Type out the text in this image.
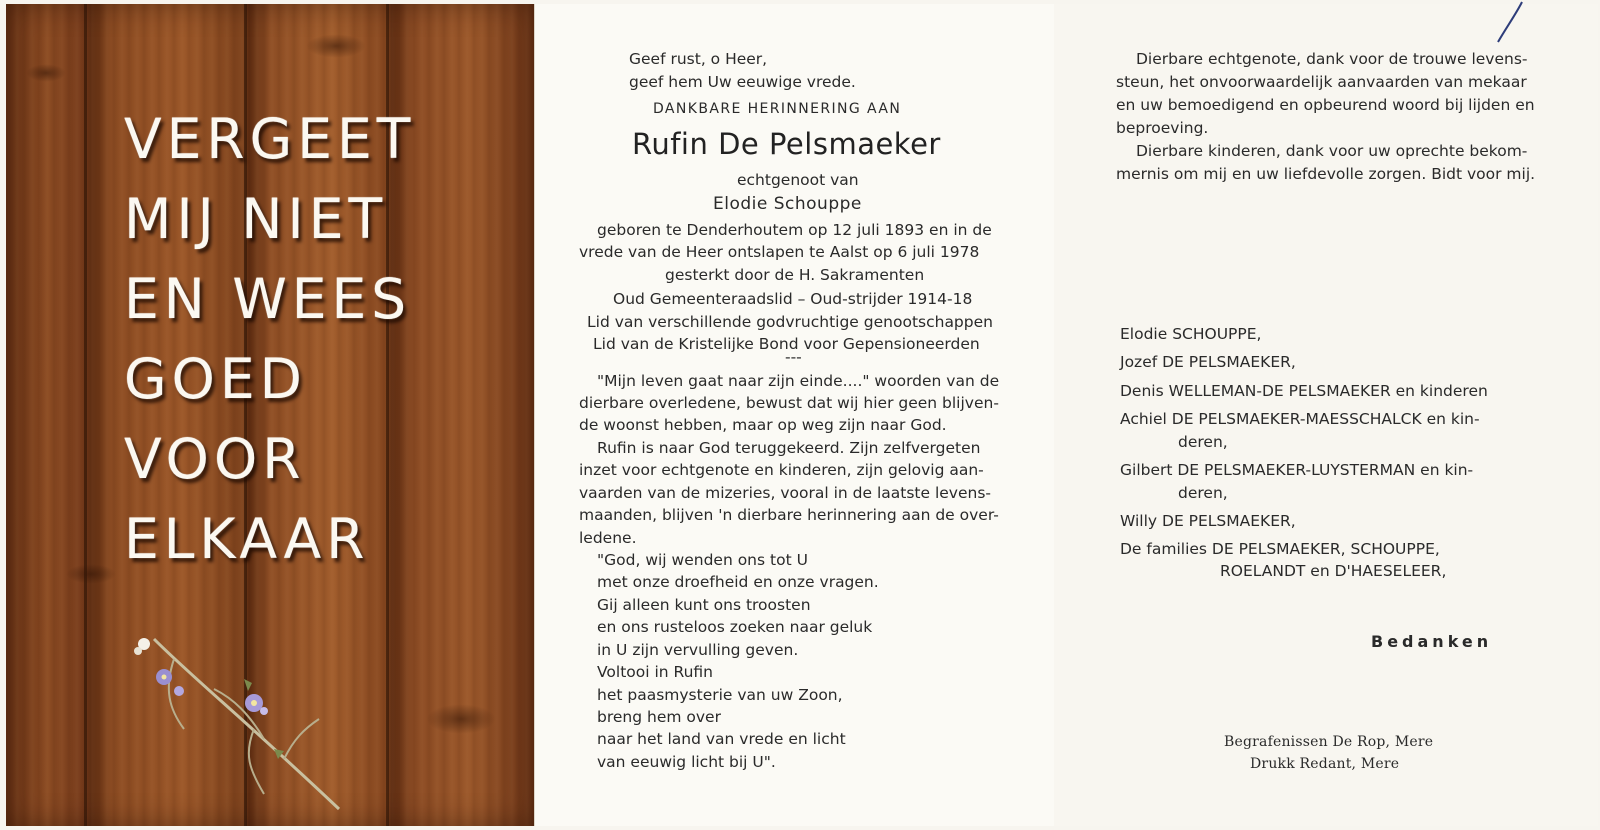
VERGEET
MIJ NIET
EN WEES
GOED
VOOR
ELKAAR
Geef rust, o Heer,
geef hem Uw eeuwige vrede.
DANKBARE HERINNERING AAN
Rufin De Pelsmaeker
echtgenoot van
Elodie Schouppe
geboren te Denderhoutem op 12 juli 1893 en in de
vrede van de Heer ontslapen te Aalst op 6 juli 1978
gesterkt door de H. Sakramenten
Oud Gemeenteraadslid – Oud-strijder 1914-18
Lid van verschillende godvruchtige genootschappen
Lid van de Kristelijke Bond voor Gepensioneerden
---
"Mijn leven gaat naar zijn einde...." woorden van de
dierbare overledene, bewust dat wij hier geen blijven-
de woonst hebben, maar op weg zijn naar God.
Rufin is naar God teruggekeerd. Zijn zelfvergeten
inzet voor echtgenote en kinderen, zijn gelovig aan-
vaarden van de mizeries, vooral in de laatste levens-
maanden, blijven 'n dierbare herinnering aan de over-
ledene.
"God, wij wenden ons tot U
met onze droefheid en onze vragen.
Gij alleen kunt ons troosten
en ons rusteloos zoeken naar geluk
in U zijn vervulling geven.
Voltooi in Rufin
het paasmysterie van uw Zoon,
breng hem over
naar het land van vrede en licht
van eeuwig licht bij U".
Dierbare echtgenote, dank voor de trouwe levens-
steun, het onvoorwaardelijk aanvaarden van mekaar
en uw bemoedigend en opbeurend woord bij lijden en
beproeving.
Dierbare kinderen, dank voor uw oprechte bekom-
mernis om mij en uw liefdevolle zorgen. Bidt voor mij.
Elodie SCHOUPPE,
Jozef DE PELSMAEKER,
Denis WELLEMAN-DE PELSMAEKER en kinderen
Achiel DE PELSMAEKER-MAESSCHALCK en kin-
deren,
Gilbert DE PELSMAEKER-LUYSTERMAN en kin-
deren,
Willy DE PELSMAEKER,
De families DE PELSMAEKER, SCHOUPPE,
ROELANDT en D'HAESELEER,
Bedanken
Begrafenissen De Rop, Mere
Drukk Redant, Mere
